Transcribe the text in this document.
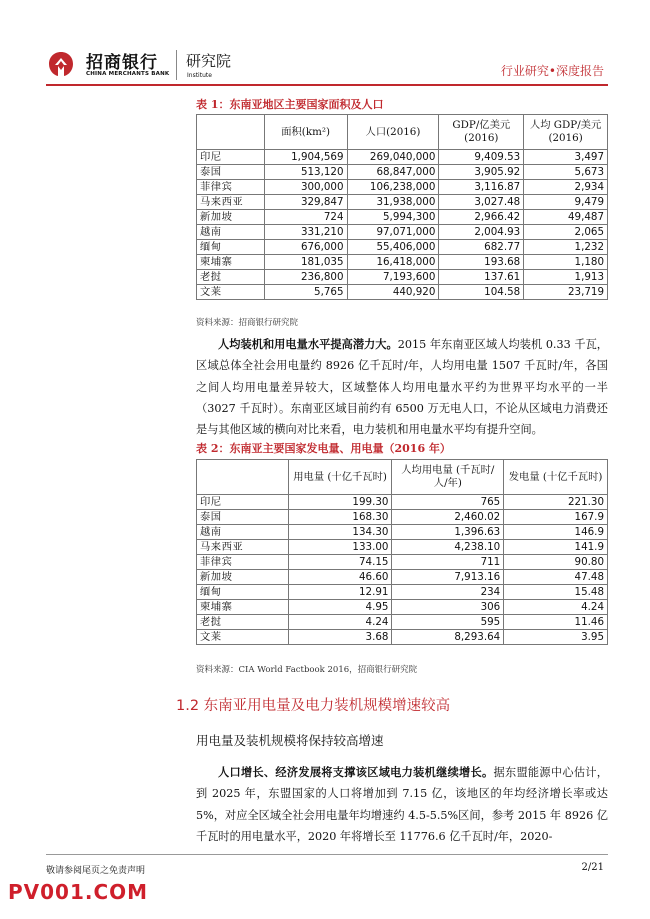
招商银行
CHINA MERCHANTS BANK
研究院
Institute	行业研究•深度报告
表 1：东南亚地区主要国家面积及人口
	面积(km²)	人口(2016)	GDP/亿美元 (2016)	人均 GDP/美元(2016)
印尼	1,904,569	269,040,000	9,409.53	3,497
泰国	513,120	68,847,000	3,905.92	5,673
菲律宾	300,000	106,238,000	3,116.87	2,934
马来西亚	329,847	31,938,000	3,027.48	9,479
新加坡	724	5,994,300	2,966.42	49,487
越南	331,210	97,071,000	2,004.93	2,065
缅甸	676,000	55,406,000	682.77	1,232
柬埔寨	181,035	16,418,000	193.68	1,180
老挝	236,800	7,193,600	137.61	1,913
文莱	5,765	440,920	104.58	23,719
资料来源：招商银行研究院
人均装机和用电量水平提高潜力大。2015 年东南亚区域人均装机 0.33 千瓦，区域总体全社会用电量约 8926 亿千瓦时/年，人均用电量 1507 千瓦时/年，各国之间人均用电量差异较大，区域整体人均用电量水平约为世界平均水平的一半（3027 千瓦时）。东南亚区域目前约有 6500 万无电人口，不论从区域电力消费还是与其他区域的横向对比来看，电力装机和用电量水平均有提升空间。
表 2：东南亚主要国家发电量、用电量（2016 年）
	用电量 (十亿千瓦时)	人均用电量 (千瓦时/人/年)	发电量 (十亿千瓦时)
印尼	199.30	765	221.30
泰国	168.30	2,460.02	167.9
越南	134.30	1,396.63	146.9
马来西亚	133.00	4,238.10	141.9
菲律宾	74.15	711	90.80
新加坡	46.60	7,913.16	47.48
缅甸	12.91	234	15.48
柬埔寨	4.95	306	4.24
老挝	4.24	595	11.46
文莱	3.68	8,293.64	3.95
资料来源：CIA World Factbook 2016，招商银行研究院
1.2 东南亚用电量及电力装机规模增速较高
用电量及装机规模将保持较高增速
人口增长、经济发展将支撑该区域电力装机继续增长。据东盟能源中心估计，到 2025 年，东盟国家的人口将增加到 7.15 亿，该地区的年均经济增长率或达 5%，对应全区域全社会用电量年均增速约 4.5-5.5%区间，参考 2015 年 8926 亿千瓦时的用电量水平，2020 年将增长至 11776.6 亿千瓦时/年，2020-
敬请参阅尾页之免责声明	2/21
PV001.COM
